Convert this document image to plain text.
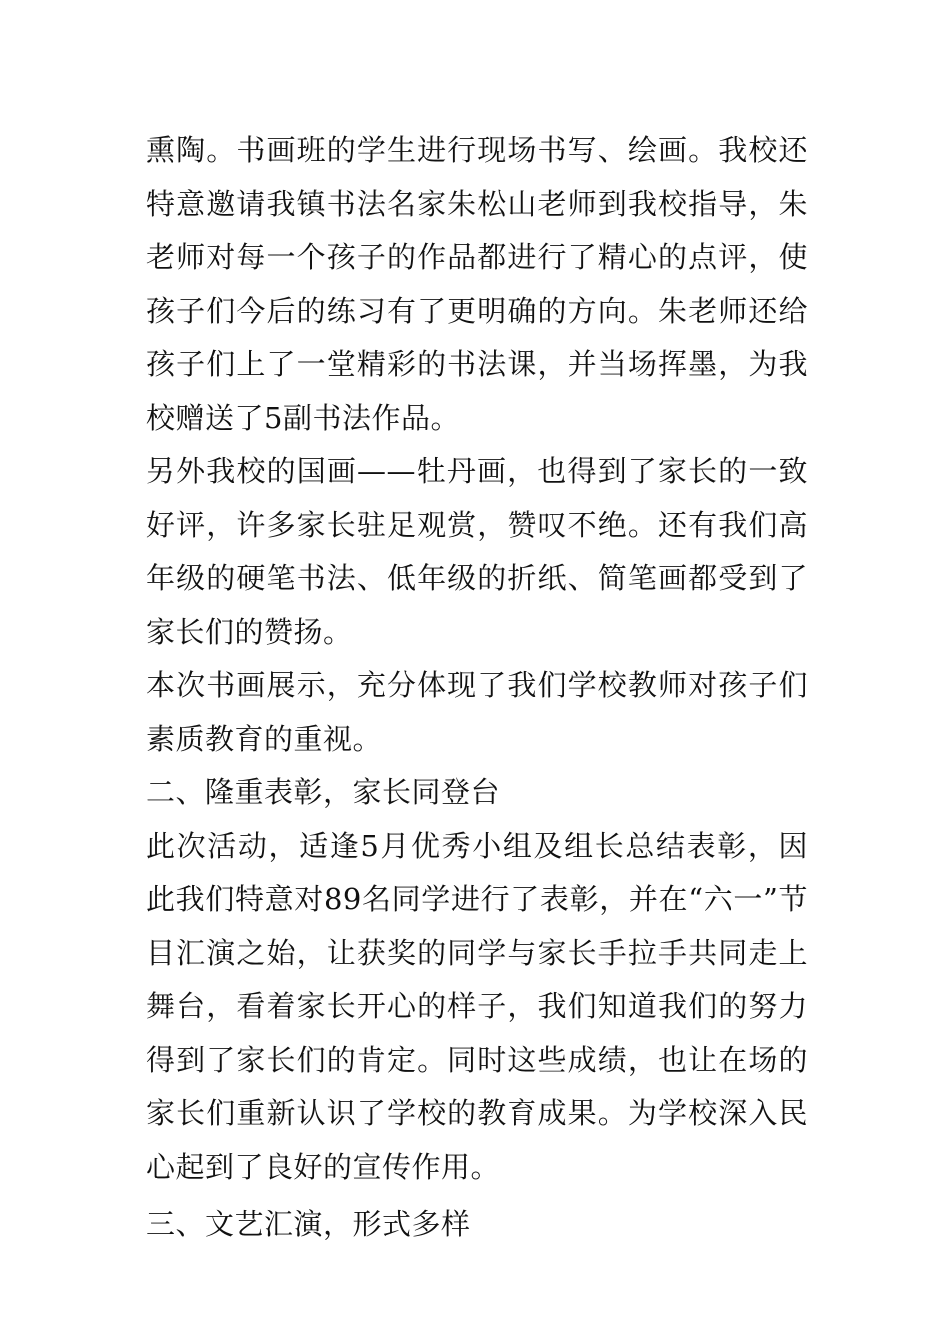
熏陶。书画班的学生进行现场书写、绘画。我校还特意邀请我镇书法名家朱松山老师到我校指导，朱老师对每一个孩子的作品都进行了精心的点评，使孩子们今后的练习有了更明确的方向。朱老师还给孩子们上了一堂精彩的书法课，并当场挥墨，为我校赠送了5副书法作品。

另外我校的国画——牡丹画，也得到了家长的一致好评，许多家长驻足观赏，赞叹不绝。还有我们高年级的硬笔书法、低年级的折纸、简笔画都受到了家长们的赞扬。

本次书画展示，充分体现了我们学校教师对孩子们素质教育的重视。

二、隆重表彰，家长同登台

此次活动，适逢5月优秀小组及组长总结表彰，因此我们特意对89名同学进行了表彰，并在“六一”节目汇演之始，让获奖的同学与家长手拉手共同走上舞台，看着家长开心的样子，我们知道我们的努力得到了家长们的肯定。同时这些成绩，也让在场的家长们重新认识了学校的教育成果。为学校深入民心起到了良好的宣传作用。

三、文艺汇演，形式多样
